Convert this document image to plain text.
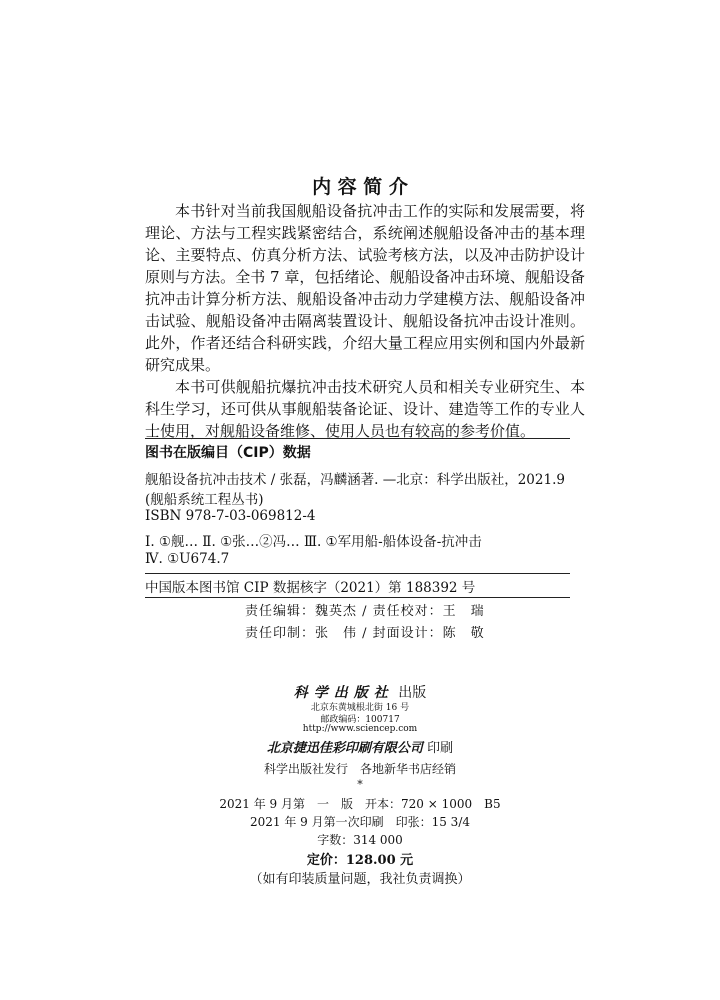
内 容 简 介

本书针对当前我国舰船设备抗冲击工作的实际和发展需要，将理论、方法与工程实践紧密结合，系统阐述舰船设备冲击的基本理论、主要特点、仿真分析方法、试验考核方法，以及冲击防护设计原则与方法。全书 7 章，包括绪论、舰船设备冲击环境、舰船设备抗冲击计算分析方法、舰船设备冲击动力学建模方法、舰船设备冲击试验、舰船设备冲击隔离装置设计、舰船设备抗冲击设计准则。此外，作者还结合科研实践，介绍大量工程应用实例和国内外最新研究成果。

本书可供舰船抗爆抗冲击技术研究人员和相关专业研究生、本科生学习，还可供从事舰船装备论证、设计、建造等工作的专业人士使用，对舰船设备维修、使用人员也有较高的参考价值。

图书在版编目（CIP）数据
舰船设备抗冲击技术 / 张磊，冯麟涵著. —北京：科学出版社，2021.9
(舰船系统工程丛书)
ISBN 978-7-03-069812-4
Ⅰ. ①舰… Ⅱ. ①张…②冯… Ⅲ. ①军用船-船体设备-抗冲击
Ⅳ. ①U674.7
中国版本图书馆 CIP 数据核字（2021）第 188392 号
责任编辑：魏英杰 / 责任校对：王　瑞
责任印制：张　伟 / 封面设计：陈　敬
科学出版社 出版
北京东黄城根北街 16 号
邮政编码：100717
http://www.sciencep.com
北京捷迅佳彩印刷有限公司 印刷
科学出版社发行　各地新华书店经销
*
2021 年 9 月第　一　版　开本：720 × 1000　B5
2021 年 9 月第一次印刷　印张：15 3/4
字数：314 000
定价：128.00 元
（如有印装质量问题，我社负责调换）
